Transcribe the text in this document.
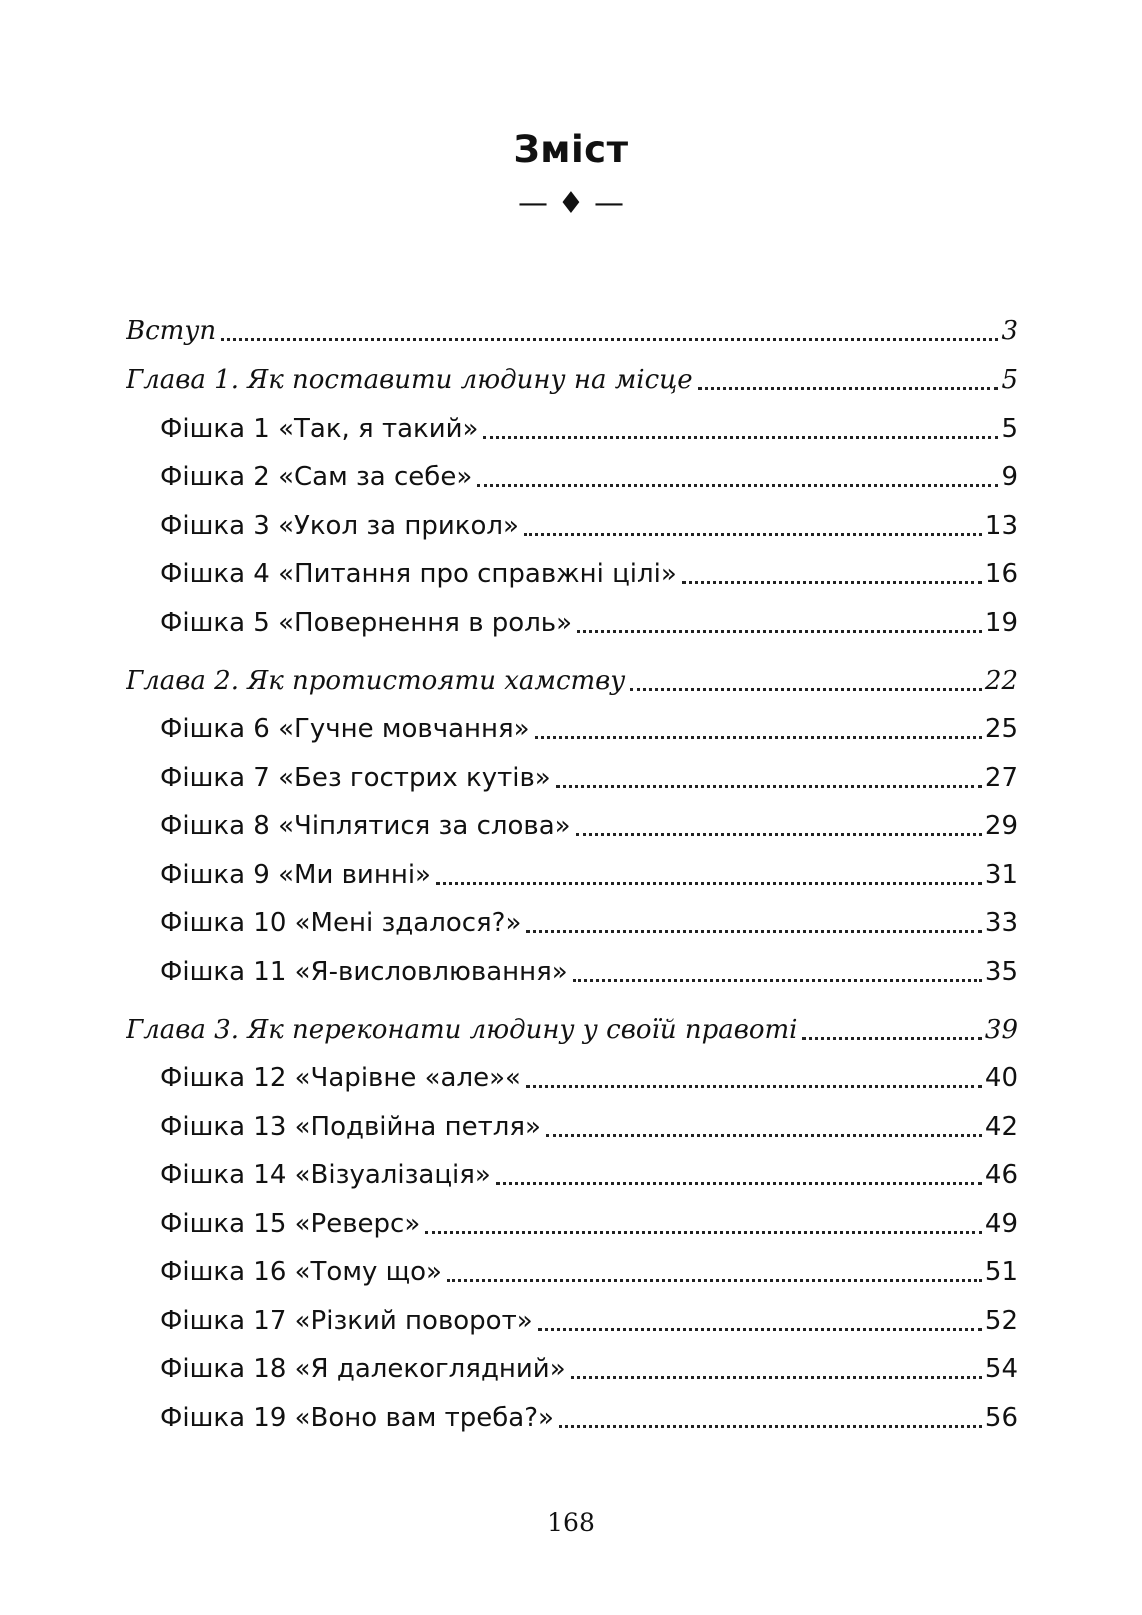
Зміст
— ♦ —
Вступ	3
Глава 1. Як поставити людину на місце	5
Фішка 1 «Так, я такий»	5
Фішка 2 «Сам за себе»	9
Фішка 3 «Укол за прикол»	13
Фішка 4 «Питання про справжні цілі»	16
Фішка 5 «Повернення в роль»	19
Глава 2. Як протистояти хамству	22
Фішка 6 «Гучне мовчання»	25
Фішка 7 «Без гострих кутів»	27
Фішка 8 «Чіплятися за слова»	29
Фішка 9 «Ми винні»	31
Фішка 10 «Мені здалося?»	33
Фішка 11 «Я-висловлювання»	35
Глава 3. Як переконати людину у своїй правоті	39
Фішка 12 «Чарівне «але»«	40
Фішка 13 «Подвійна петля»	42
Фішка 14 «Візуалізація»	46
Фішка 15 «Реверс»	49
Фішка 16 «Тому що»	51
Фішка 17 «Різкий поворот»	52
Фішка 18 «Я далекоглядний»	54
Фішка 19 «Воно вам треба?»	56
168
